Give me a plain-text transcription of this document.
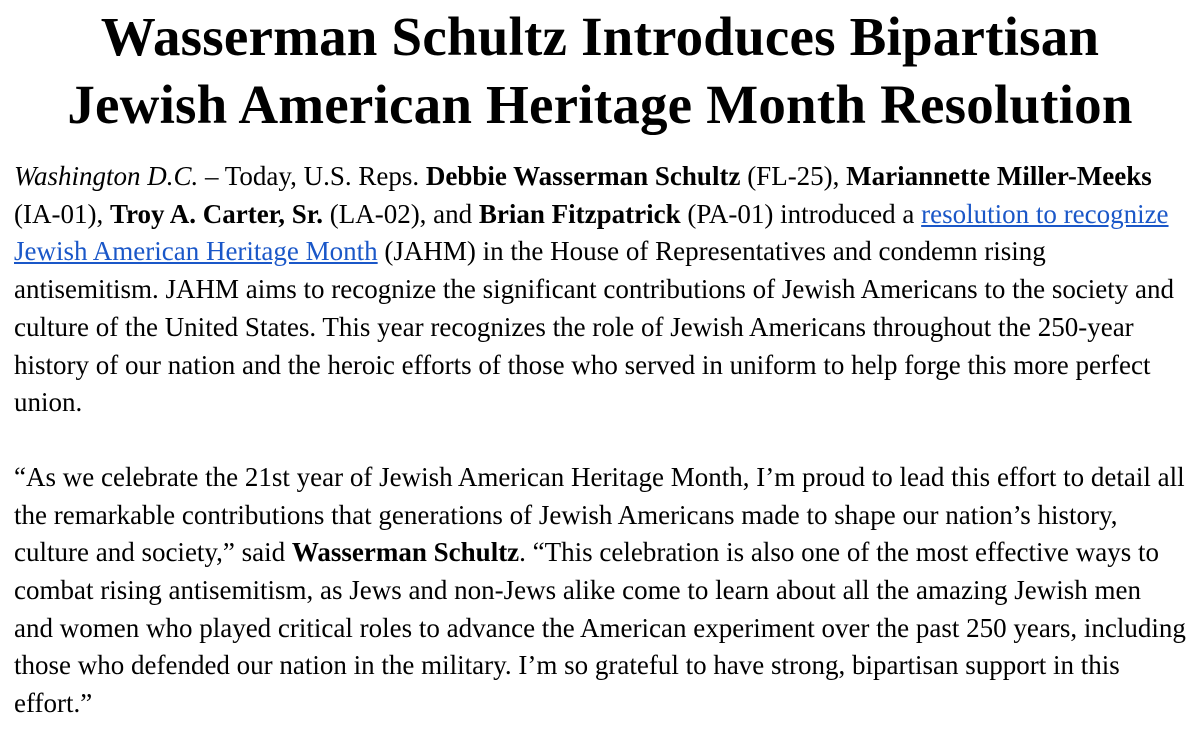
Wasserman Schultz Introduces Bipartisan
Jewish American Heritage Month Resolution

Washington D.C. – Today, U.S. Reps. Debbie Wasserman Schultz (FL-25), Mariannette Miller-Meeks (IA-01), Troy A. Carter, Sr. (LA-02), and Brian Fitzpatrick (PA-01) introduced a resolution to recognize Jewish American Heritage Month (JAHM) in the House of Representatives and condemn rising antisemitism. JAHM aims to recognize the significant contributions of Jewish Americans to the society and culture of the United States. This year recognizes the role of Jewish Americans throughout the 250-year history of our nation and the heroic efforts of those who served in uniform to help forge this more perfect union.

“As we celebrate the 21st year of Jewish American Heritage Month, I’m proud to lead this effort to detail all the remarkable contributions that generations of Jewish Americans made to shape our nation’s history, culture and society,” said Wasserman Schultz. “This celebration is also one of the most effective ways to combat rising antisemitism, as Jews and non-Jews alike come to learn about all the amazing Jewish men and women who played critical roles to advance the American experiment over the past 250 years, including those who defended our nation in the military. I’m so grateful to have strong, bipartisan support in this effort.”
